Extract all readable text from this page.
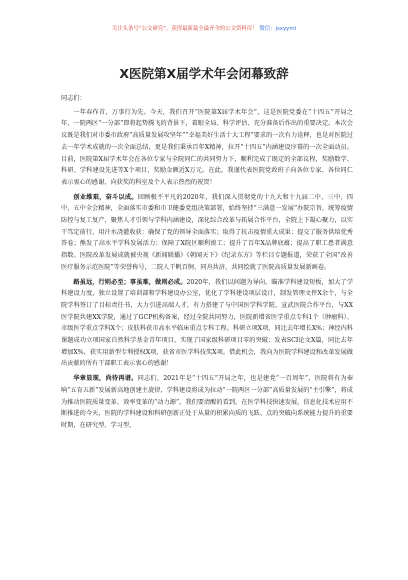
关注头条号“公文研究”，获得最新最全最齐全的公文资料库！ 微信：jsxyyml
X医院第X届学术年会闭幕致辞

同志们：

一年春作首，万事行为先。今天，我们召开“医院第X届学术年会”，这是医院党委在“十四五”开局之年，一院两区“一分部”即将起势腾飞的背景下，着眼全局、科学评估、充分准备后作出的重要决定。本次会议既是我们对市委市政府“高质量发展攻坚年”“幸福美好生活十大工程”要求的一次有力诠释，也是对医院过去一年学术成就的一次全面总结，更是我们秉承百年X精神，拉开“十四五”内涵建设序幕的一次全面动员。目前，医院第X届学术年会在各位专家与全院同仁的共同努力下，顺利完成了既定的全部议程，奖励数学、科研、学科建设先进等X个项目，奖励金额近X万元。在此，我谨代表医院党政班子向各位专家、各位同仁表示衷心的感谢，向获奖的科室及个人表示热烈的祝贺！

创业维艰，奋斗以成。回顾极不平凡的2020年，我们深入贯彻党的十九大和十九届二中、三中、四中、五中全会精神，全面落实市委和市卫健委党组决策部署，始终坚持“三满意一发展”办院宗旨，统筹疫情防控与复工复产，聚焦人才引领与学科内涵建设，深化综合改革与拓展合作平台，全院上下凝心聚力，以实干笃定前行，用汗水浇灌收获：确保了党的领导全面落实；取得了抗击疫情重大成果；提交了服务供给优秀答卷；熊发了高水平学科发展活力；保障了X院区顺利竣工；提升了百年X品牌底蕴；提高了职工患者满意指数。医院改革发展成就被央视《新闻联播》《朝闻天下》《纪录东方》等栏目专题报道，荣获了全国“改善医疗服务示范医院”等荣誉称号，二院人干帆百舸、同舟共济，共同绘就了医院高质量发展新画卷。

路虽远，行则必至；事虽难，做则必成。2020年，我们以问题为导向，瞄准学科建设短板，加大了学科建设力度，独立设置了培训部和学科建设办公室，优化了学科建设项层设计，制发管理文件X余个，与全院学科签订了目标责任书，大力引进高端人才，有力搭建了与中国医学科学院、宣武医院合作平台，与XX医学院共建XX学院，通过了GCP机构备案，经过全院共同努力，医院新增省医学重点专科1个（肿瘤科）、市级医学重点学科X个；皮肤科获市高水平临床重点专科工程。科研立项X项，同比去年增长X%；神经内科课题成功立项国家自然科学基金青年项目，实现了国家级科研项目零的突破；发表SCI论文X篇，同比去年增加X%，获实用新型专利授权X项，获省市医学科技奖X项。借此机会，我向为医院学科建设和改革发展做出贡献的所有干部职工表示衷心的感谢！

华章显现，尚待再谱。同志们，2021年是“十四五”开局之年，也是建党“一百周年”，医院将有为奉响“五育五新”发展新高地创建主旋律，学科建设将成为拉动“一院两区一分部”高质量发展的“主引擎”，将成为推动医院质量变革、效率变革的“动力源”，我们要清醒的看到，在医学科技快速发展，信息化技术应用不断推进的今天，医院的学科建设和科研创新正处于从量的积累向质的飞跃、点的突破向系统能力提升的重要时期，在研究型、学习型、
